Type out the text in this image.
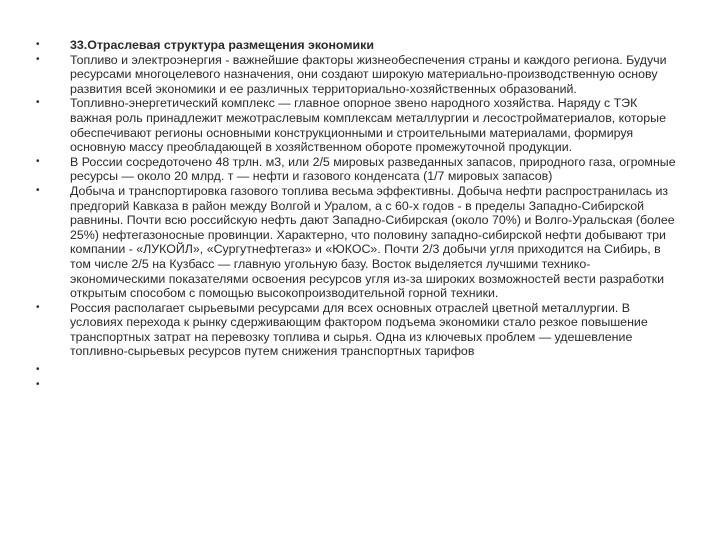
•	33.Отраслевая структура размещения экономики
•	Топливо и электроэнергия - важнейшие факторы жизнеобеспечения страны и каждого региона. Будучи ресурсами многоцелевого назначения, они создают широкую материально-производственную основу развития всей экономики и ее различных территориально-хозяйственных образований.
•	Топливно-энергетический комплекс — главное опорное звено народного хозяйства. Наряду с ТЭК важная роль принадлежит межотраслевым комплексам металлургии и лесостройматериалов, которые обеспечивают регионы основными конструкционными и строительными материалами, формируя основную массу преобладающей в хозяйственном обороте промежуточной продукции.
•	В России сосредоточено 48 трлн. м3, или 2/5 мировых разведанных запасов, природного газа, огромные ресурсы — около 20 млрд. т — нефти и газового конденсата (1/7 мировых запасов)
•	Добыча и транспортировка газового топлива весьма эффективны. Добыча нефти распространилась из предгорий Кавказа в район между Волгой и Уралом, а с 60-х годов - в пределы Западно-Сибирской равнины. Почти всю российскую нефть дают Западно-Сибирская (около 70%) и Волго-Уральская (более 25%) нефтегазоносные провинции. Характерно, что половину западно-сибирской нефти добывают три компании - «ЛУКОЙЛ», «Сургутнефтегаз» и «ЮКОС». Почти 2/3 добычи угля приходится на Сибирь, в том числе 2/5 на Кузбасс — главную угольную базу. Восток выделяется лучшими технико-экономическими показателями освоения ресурсов угля из-за широких возможностей вести разработки открытым способом с помощью высокопроизводительной горной техники.
•	Россия располагает сырьевыми ресурсами для всех основных отраслей цветной металлургии. В условиях перехода к рынку сдерживающим фактором подъема экономики стало резкое повышение транспортных затрат на перевозку топлива и сырья. Одна из ключевых проблем — удешевление топливно-сырьевых ресурсов путем снижения транспортных тарифов
•
•
